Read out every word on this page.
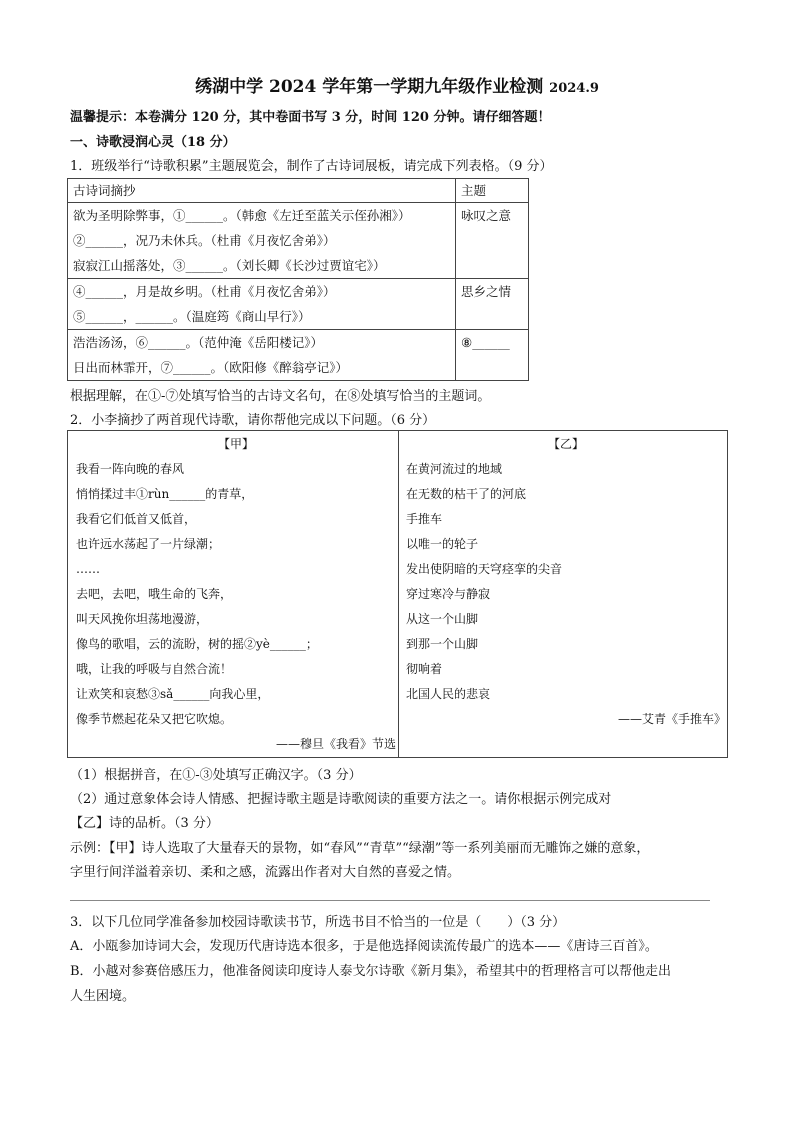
绣湖中学 2024 学年第一学期九年级作业检测 2024.9
温馨提示：本卷满分 120 分，其中卷面书写 3 分，时间 120 分钟。请仔细答题！
一、诗歌浸润心灵（18 分）
1．班级举行“诗歌积累”主题展览会，制作了古诗词展板，请完成下列表格。（9 分）
古诗词摘抄	主题

欲为圣明除弊事，①______。（韩愈《左迁至蓝关示侄孙湘》）
②______，况乃未休兵。（杜甫《月夜忆舍弟》）
寂寂江山摇落处，③______。（刘长卿《长沙过贾谊宅》）	咏叹之意

④______，月是故乡明。（杜甫《月夜忆舍弟》）
⑤______，______。（温庭筠《商山早行》）	思乡之情

浩浩汤汤，⑥______。（范仲淹《岳阳楼记》）
日出而林霏开，⑦______。（欧阳修《醉翁亭记》）	⑧______
根据理解，在①-⑦处填写恰当的古诗文名句，在⑧处填写恰当的主题词。
2．小李摘抄了两首现代诗歌，请你帮他完成以下问题。（6 分）
【甲】
我看一阵向晚的春风
悄悄揉过丰①rùn______的青草，
我看它们低首又低首，
也许远水荡起了一片绿潮；
……
去吧，去吧，哦生命的飞奔，
叫天风挽你坦荡地漫游，
像鸟的歌唱，云的流盼，树的摇②yè______；
哦，让我的呼吸与自然合流！
让欢笑和哀愁③sǎ______向我心里，
像季节燃起花朵又把它吹熄。
——穆旦《我看》节选
【乙】
在黄河流过的地域
在无数的枯干了的河底
手推车
以唯一的轮子
发出使阴暗的天穹痉挛的尖音
穿过寒冷与静寂
从这一个山脚
到那一个山脚
彻响着
北国人民的悲哀
——艾青《手推车》
（1）根据拼音，在①-③处填写正确汉字。（3 分）
（2）通过意象体会诗人情感、把握诗歌主题是诗歌阅读的重要方法之一。请你根据示例完成对
【乙】诗的品析。（3 分）
示例：【甲】诗人选取了大量春天的景物，如“春风”“青草”“绿潮”等一系列美丽而无雕饰之嫌的意象，
字里行间洋溢着亲切、柔和之感，流露出作者对大自然的喜爱之情。
3．以下几位同学准备参加校园诗歌读书节，所选书目不恰当的一位是（　　）（3 分）
A．小瓯参加诗词大会，发现历代唐诗选本很多，于是他选择阅读流传最广的选本——《唐诗三百首》。
B．小越对参赛倍感压力，他准备阅读印度诗人泰戈尔诗歌《新月集》，希望其中的哲理格言可以帮他走出
人生困境。
